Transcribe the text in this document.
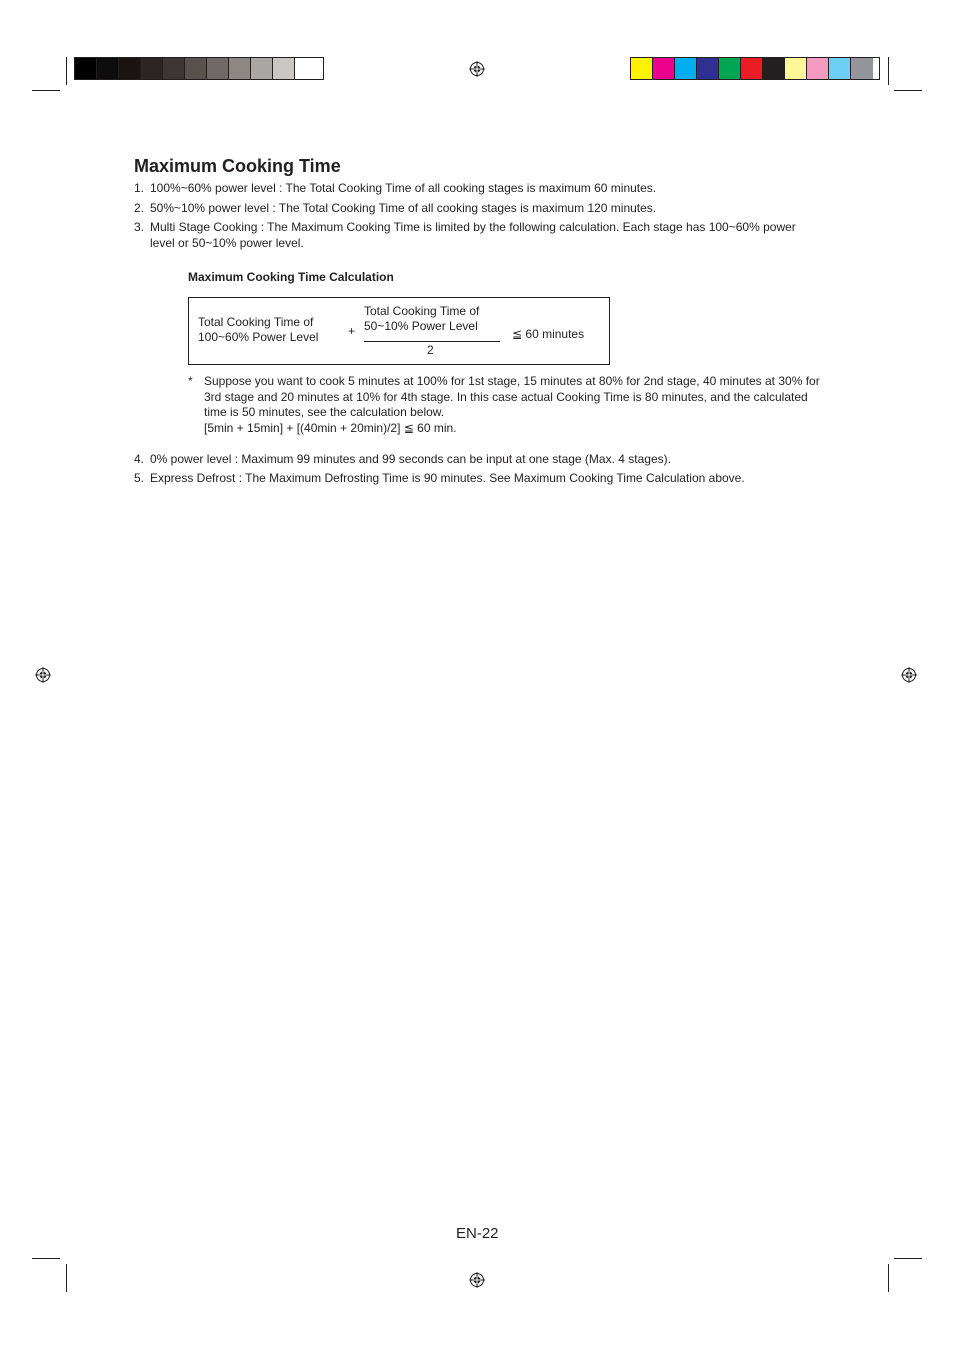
Maximum Cooking Time
1. 100%~60% power level : The Total Cooking Time of all cooking stages is maximum 60 minutes.
2. 50%~10% power level : The Total Cooking Time of all cooking stages is maximum 120 minutes.
3. Multi Stage Cooking : The Maximum Cooking Time is limited by the following calculation. Each stage has 100~60% power level or 50~10% power level.
Maximum Cooking Time Calculation
Total Cooking Time of
100~60% Power Level +
Total Cooking Time of
50~10% Power Level
2
≦ 60 minutes
* Suppose you want to cook 5 minutes at 100% for 1st stage, 15 minutes at 80% for 2nd stage, 40 minutes at 30% for 3rd stage and 20 minutes at 10% for 4th stage. In this case actual Cooking Time is 80 minutes, and the calculated time is 50 minutes, see the calculation below.
[5min + 15min] + [(40min + 20min)/2] ≦ 60 min.
4. 0% power level : Maximum 99 minutes and 99 seconds can be input at one stage (Max. 4 stages).
5. Express Defrost : The Maximum Defrosting Time is 90 minutes. See Maximum Cooking Time Calculation above.
EN-22
